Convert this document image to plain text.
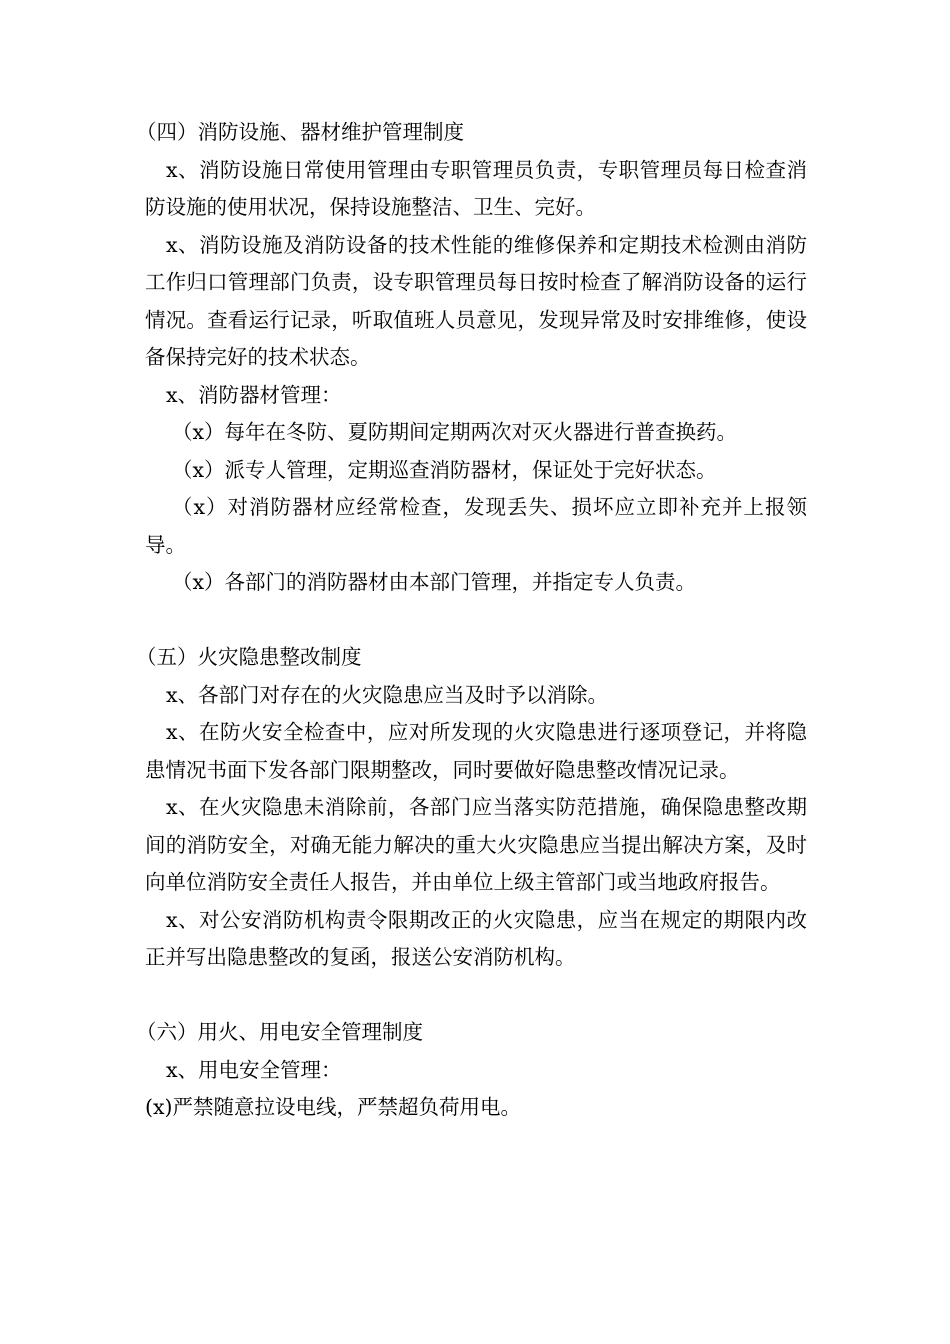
（四）消防设施、器材维护管理制度

x、消防设施日常使用管理由专职管理员负责，专职管理员每日检查消防设施的使用状况，保持设施整洁、卫生、完好。

x、消防设施及消防设备的技术性能的维修保养和定期技术检测由消防工作归口管理部门负责，设专职管理员每日按时检查了解消防设备的运行情况。查看运行记录，听取值班人员意见，发现异常及时安排维修，使设备保持完好的技术状态。

x、消防器材管理：

（x）每年在冬防、夏防期间定期两次对灭火器进行普查换药。

（x）派专人管理，定期巡查消防器材，保证处于完好状态。

（x）对消防器材应经常检查，发现丢失、损坏应立即补充并上报领导。

（x）各部门的消防器材由本部门管理，并指定专人负责。

（五）火灾隐患整改制度

x、各部门对存在的火灾隐患应当及时予以消除。

x、在防火安全检查中，应对所发现的火灾隐患进行逐项登记，并将隐患情况书面下发各部门限期整改，同时要做好隐患整改情况记录。

x、在火灾隐患未消除前，各部门应当落实防范措施，确保隐患整改期间的消防安全，对确无能力解决的重大火灾隐患应当提出解决方案，及时向单位消防安全责任人报告，并由单位上级主管部门或当地政府报告。

x、对公安消防机构责令限期改正的火灾隐患，应当在规定的期限内改正并写出隐患整改的复函，报送公安消防机构。

（六）用火、用电安全管理制度

x、用电安全管理：

(x)严禁随意拉设电线，严禁超负荷用电。
